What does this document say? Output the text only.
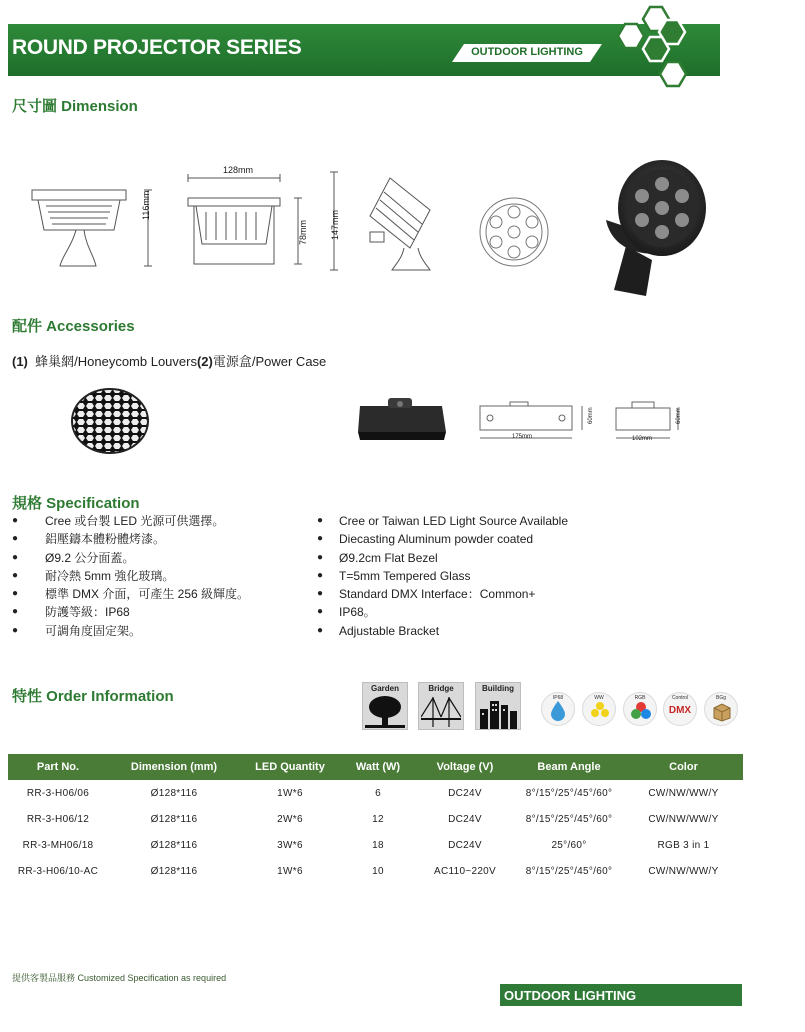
ROUND PROJECTOR SERIES	OUTDOOR LIGHTING
尺寸圖 Dimension
116mm
128mm
78mm 147mm
配件 Accessories
(1) 蜂巢網/Honeycomb Louvers(2)電源盒/Power Case
175mm
60mm
102mm
60mm
規格 Specification
●	Cree 或台製 LED 光源可供選擇。
●	鋁壓鑄本體粉體烤漆。
●	Ø9.2 公分面蓋。
●	耐冷熱 5mm 強化玻璃。
●	標準 DMX 介面，可產生 256 級輝度。
●	防護等級：IP68
●	可調角度固定架。
●	Cree or Taiwan LED Light Source Available
●	Diecasting Aluminum powder coated
●	Ø9.2cm Flat Bezel
●	T=5mm Tempered Glass
●	Standard DMX Interface：Common+
●	IP68。
●	Adjustable Bracket
特性 Order Information	Garden	Bridge	Building
IP68	WW	RGB	Control
DMX
BGg
Part No.	Dimension (mm)	LED Quantity	Watt (W)	Voltage (V)	Beam Angle	Color
RR-3-H06/06	Ø128*116	1W*6	6	DC24V	8°/15°/25°/45°/60°	CW/NW/WW/Y
RR-3-H06/12	Ø128*116	2W*6	12	DC24V	8°/15°/25°/45°/60°	CW/NW/WW/Y
RR-3-MH06/18	Ø128*116	3W*6	18	DC24V	25°/60°	RGB 3 in 1
RR-3-H06/10-AC	Ø128*116	1W*6	10	AC110~220V	8°/15°/25°/45°/60°	CW/NW/WW/Y
提供客製品服務 Customized Specification as required
OUTDOOR LIGHTING
